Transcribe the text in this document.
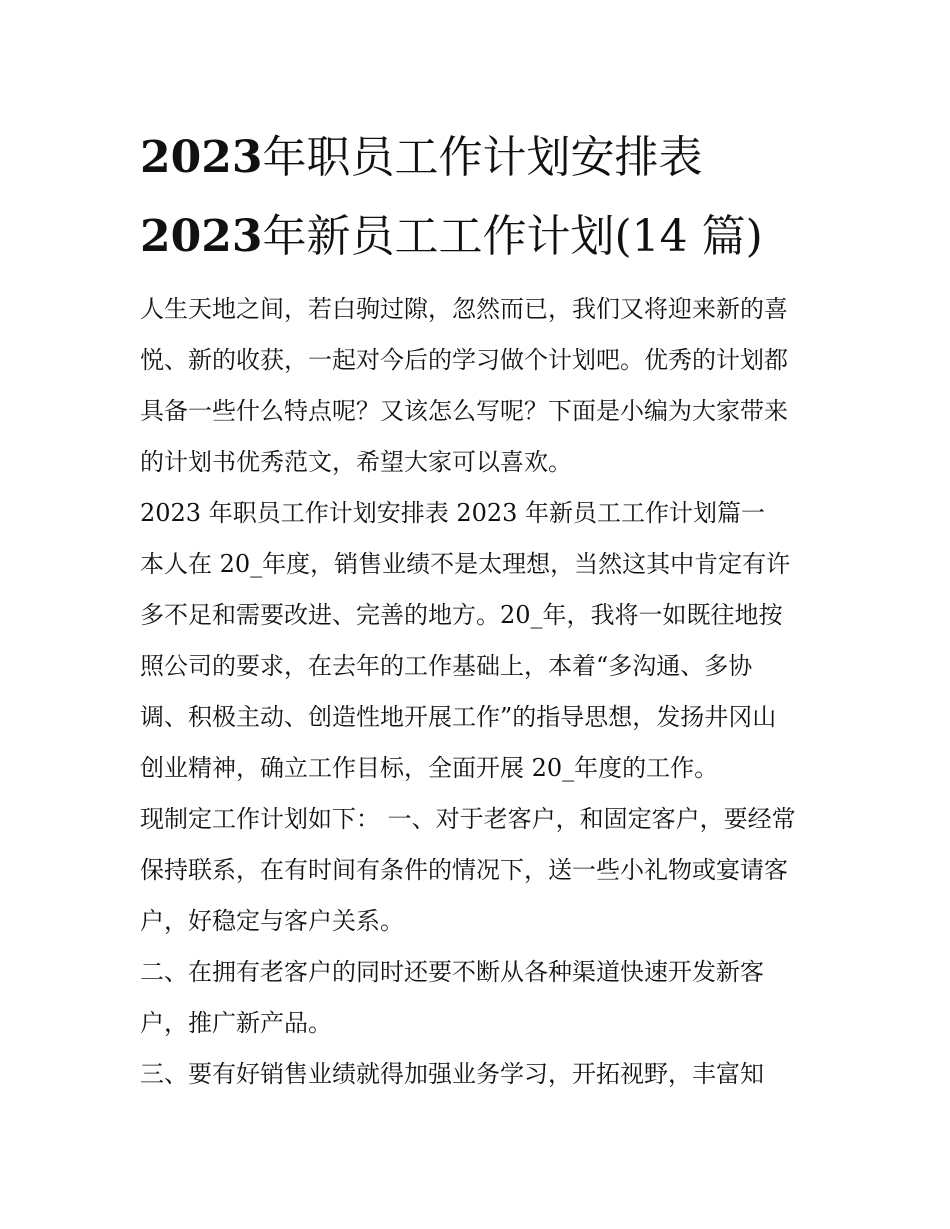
2023年职员工作计划安排表
2023年新员工工作计划(14 篇)
人生天地之间，若白驹过隙，忽然而已，我们又将迎来新的喜
悦、新的收获，一起对今后的学习做个计划吧。优秀的计划都
具备一些什么特点呢？又该怎么写呢？下面是小编为大家带来
的计划书优秀范文，希望大家可以喜欢。
2023 年职员工作计划安排表 2023 年新员工工作计划篇一
本人在 20_年度，销售业绩不是太理想，当然这其中肯定有许
多不足和需要改进、完善的地方。20_年，我将一如既往地按
照公司的要求，在去年的工作基础上，本着“多沟通、多协
调、积极主动、创造性地开展工作”的指导思想，发扬井冈山
创业精神，确立工作目标，全面开展 20_年度的工作。
现制定工作计划如下： 一、对于老客户，和固定客户，要经常
保持联系，在有时间有条件的情况下，送一些小礼物或宴请客
户，好稳定与客户关系。
二、在拥有老客户的同时还要不断从各种渠道快速开发新客
户，推广新产品。
三、要有好销售业绩就得加强业务学习，开拓视野，丰富知
